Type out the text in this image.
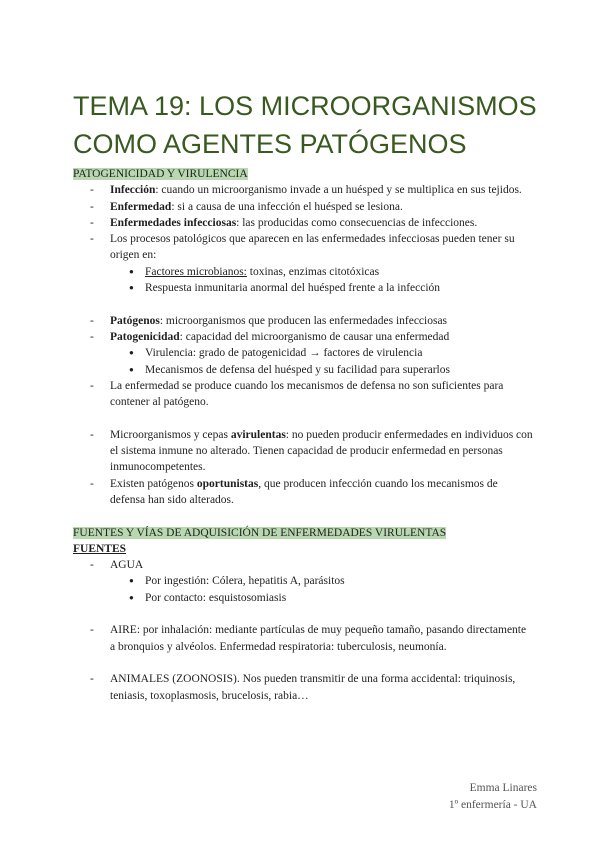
TEMA 19: LOS MICROORGANISMOS
COMO AGENTES PATÓGENOS

PATOGENICIDAD Y VIRULENCIA

- Infección: cuando un microorganismo invade a un huésped y se multiplica en sus tejidos.
- Enfermedad: si a causa de una infección el huésped se lesiona.
- Enfermedades infecciosas: las producidas como consecuencias de infecciones.
- Los procesos patológicos que aparecen en las enfermedades infecciosas pueden tener su origen en:
● Factores microbianos: toxinas, enzimas citotóxicas
● Respuesta inmunitaria anormal del huésped frente a la infección
- Patógenos: microorganismos que producen las enfermedades infecciosas
- Patogenicidad: capacidad del microorganismo de causar una enfermedad
● Virulencia: grado de patogenicidad → factores de virulencia
● Mecanismos de defensa del huésped y su facilidad para superarlos
- La enfermedad se produce cuando los mecanismos de defensa no son suficientes para contener al patógeno.
- Microorganismos y cepas avirulentas: no pueden producir enfermedades en individuos con el sistema inmune no alterado. Tienen capacidad de producir enfermedad en personas inmunocompetentes.
- Existen patógenos oportunistas, que producen infección cuando los mecanismos de defensa han sido alterados.

FUENTES Y VÍAS DE ADQUISICIÓN DE ENFERMEDADES VIRULENTAS

FUENTES

- AGUA
● Por ingestión: Cólera, hepatitis A, parásitos
● Por contacto: esquistosomiasis
- AIRE: por inhalación: mediante partículas de muy pequeño tamaño, pasando directamente a bronquios y alvéolos. Enfermedad respiratoria: tuberculosis, neumonía.
- ANIMALES (ZOONOSIS). Nos pueden transmitir de una forma accidental: triquinosis, teniasis, toxoplasmosis, brucelosis, rabia…
Emma Linares
1º enfermería - UA
